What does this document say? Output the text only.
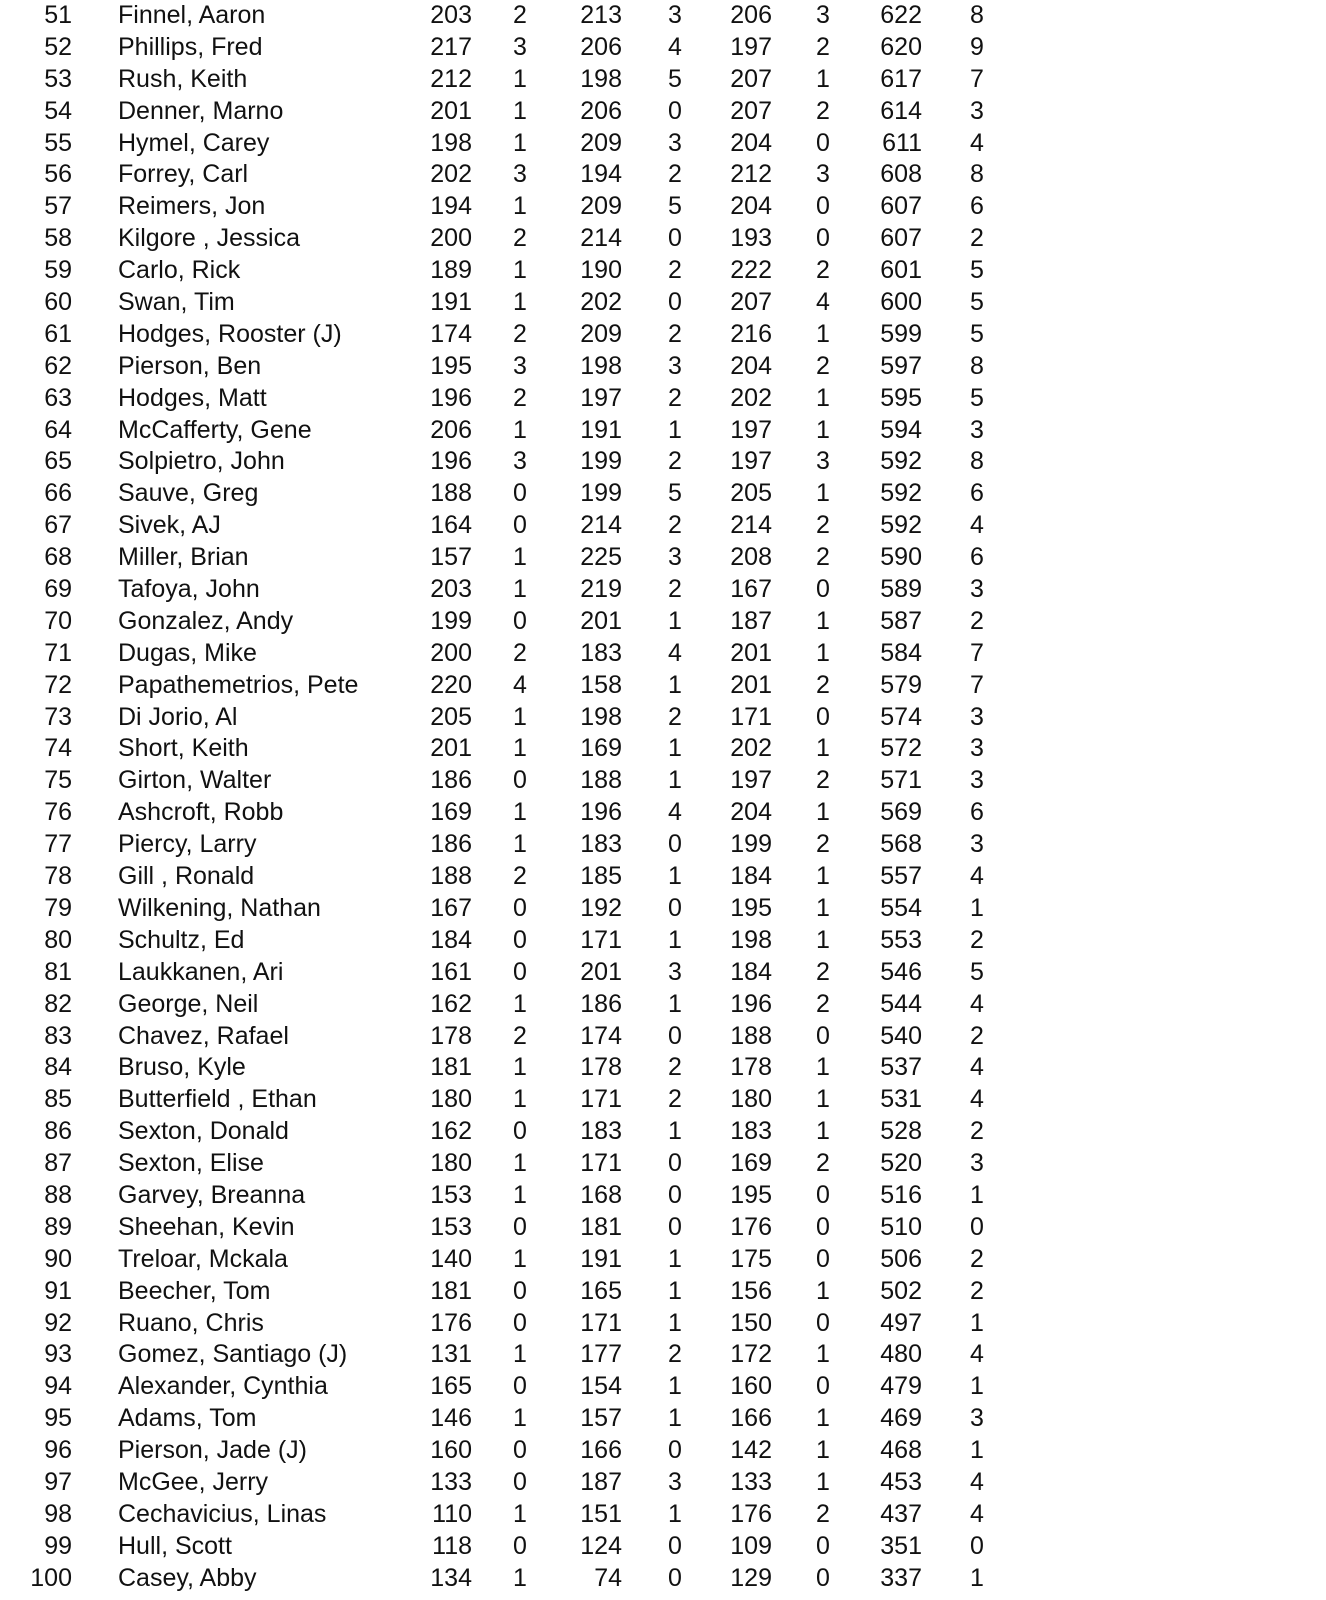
51 Finnel, Aaron	203	2	213	3	206	3	622	8
52 Phillips, Fred	217	3	206	4	197	2	620	9
53 Rush, Keith	212	1	198	5	207	1	617	7
54 Denner, Marno	201	1	206	0	207	2	614	3
55 Hymel, Carey	198	1	209	3	204	0	611	4
56 Forrey, Carl	202	3	194	2	212	3	608	8
57 Reimers, Jon	194	1	209	5	204	0	607	6
58 Kilgore , Jessica	200	2	214	0	193	0	607	2
59 Carlo, Rick	189	1	190	2	222	2	601	5
60 Swan, Tim	191	1	202	0	207	4	600	5
61 Hodges, Rooster (J)	174	2	209	2	216	1	599	5
62 Pierson, Ben	195	3	198	3	204	2	597	8
63 Hodges, Matt	196	2	197	2	202	1	595	5
64 McCafferty, Gene	206	1	191	1	197	1	594	3
65 Solpietro, John	196	3	199	2	197	3	592	8
66 Sauve, Greg	188	0	199	5	205	1	592	6
67 Sivek, AJ	164	0	214	2	214	2	592	4
68 Miller, Brian	157	1	225	3	208	2	590	6
69 Tafoya, John	203	1	219	2	167	0	589	3
70 Gonzalez, Andy	199	0	201	1	187	1	587	2
71 Dugas, Mike	200	2	183	4	201	1	584	7
72 Papathemetrios, Pete	220	4	158	1	201	2	579	7
73 Di Jorio, Al	205	1	198	2	171	0	574	3
74 Short, Keith	201	1	169	1	202	1	572	3
75 Girton, Walter	186	0	188	1	197	2	571	3
76 Ashcroft, Robb	169	1	196	4	204	1	569	6
77 Piercy, Larry	186	1	183	0	199	2	568	3
78 Gill , Ronald	188	2	185	1	184	1	557	4
79 Wilkening, Nathan	167	0	192	0	195	1	554	1
80 Schultz, Ed	184	0	171	1	198	1	553	2
81 Laukkanen, Ari	161	0	201	3	184	2	546	5
82 George, Neil	162	1	186	1	196	2	544	4
83 Chavez, Rafael	178	2	174	0	188	0	540	2
84 Bruso, Kyle	181	1	178	2	178	1	537	4
85 Butterfield , Ethan	180	1	171	2	180	1	531	4
86 Sexton, Donald	162	0	183	1	183	1	528	2
87 Sexton, Elise	180	1	171	0	169	2	520	3
88 Garvey, Breanna	153	1	168	0	195	0	516	1
89 Sheehan, Kevin	153	0	181	0	176	0	510	0
90 Treloar, Mckala	140	1	191	1	175	0	506	2
91 Beecher, Tom	181	0	165	1	156	1	502	2
92 Ruano, Chris	176	0	171	1	150	0	497	1
93 Gomez, Santiago (J)	131	1	177	2	172	1	480	4
94 Alexander, Cynthia	165	0	154	1	160	0	479	1
95 Adams, Tom	146	1	157	1	166	1	469	3
96 Pierson, Jade (J)	160	0	166	0	142	1	468	1
97 McGee, Jerry	133	0	187	3	133	1	453	4
98 Cechavicius, Linas	110	1	151	1	176	2	437	4
99 Hull, Scott	118	0	124	0	109	0	351	0
100 Casey, Abby	134	1	74	0	129	0	337	1
